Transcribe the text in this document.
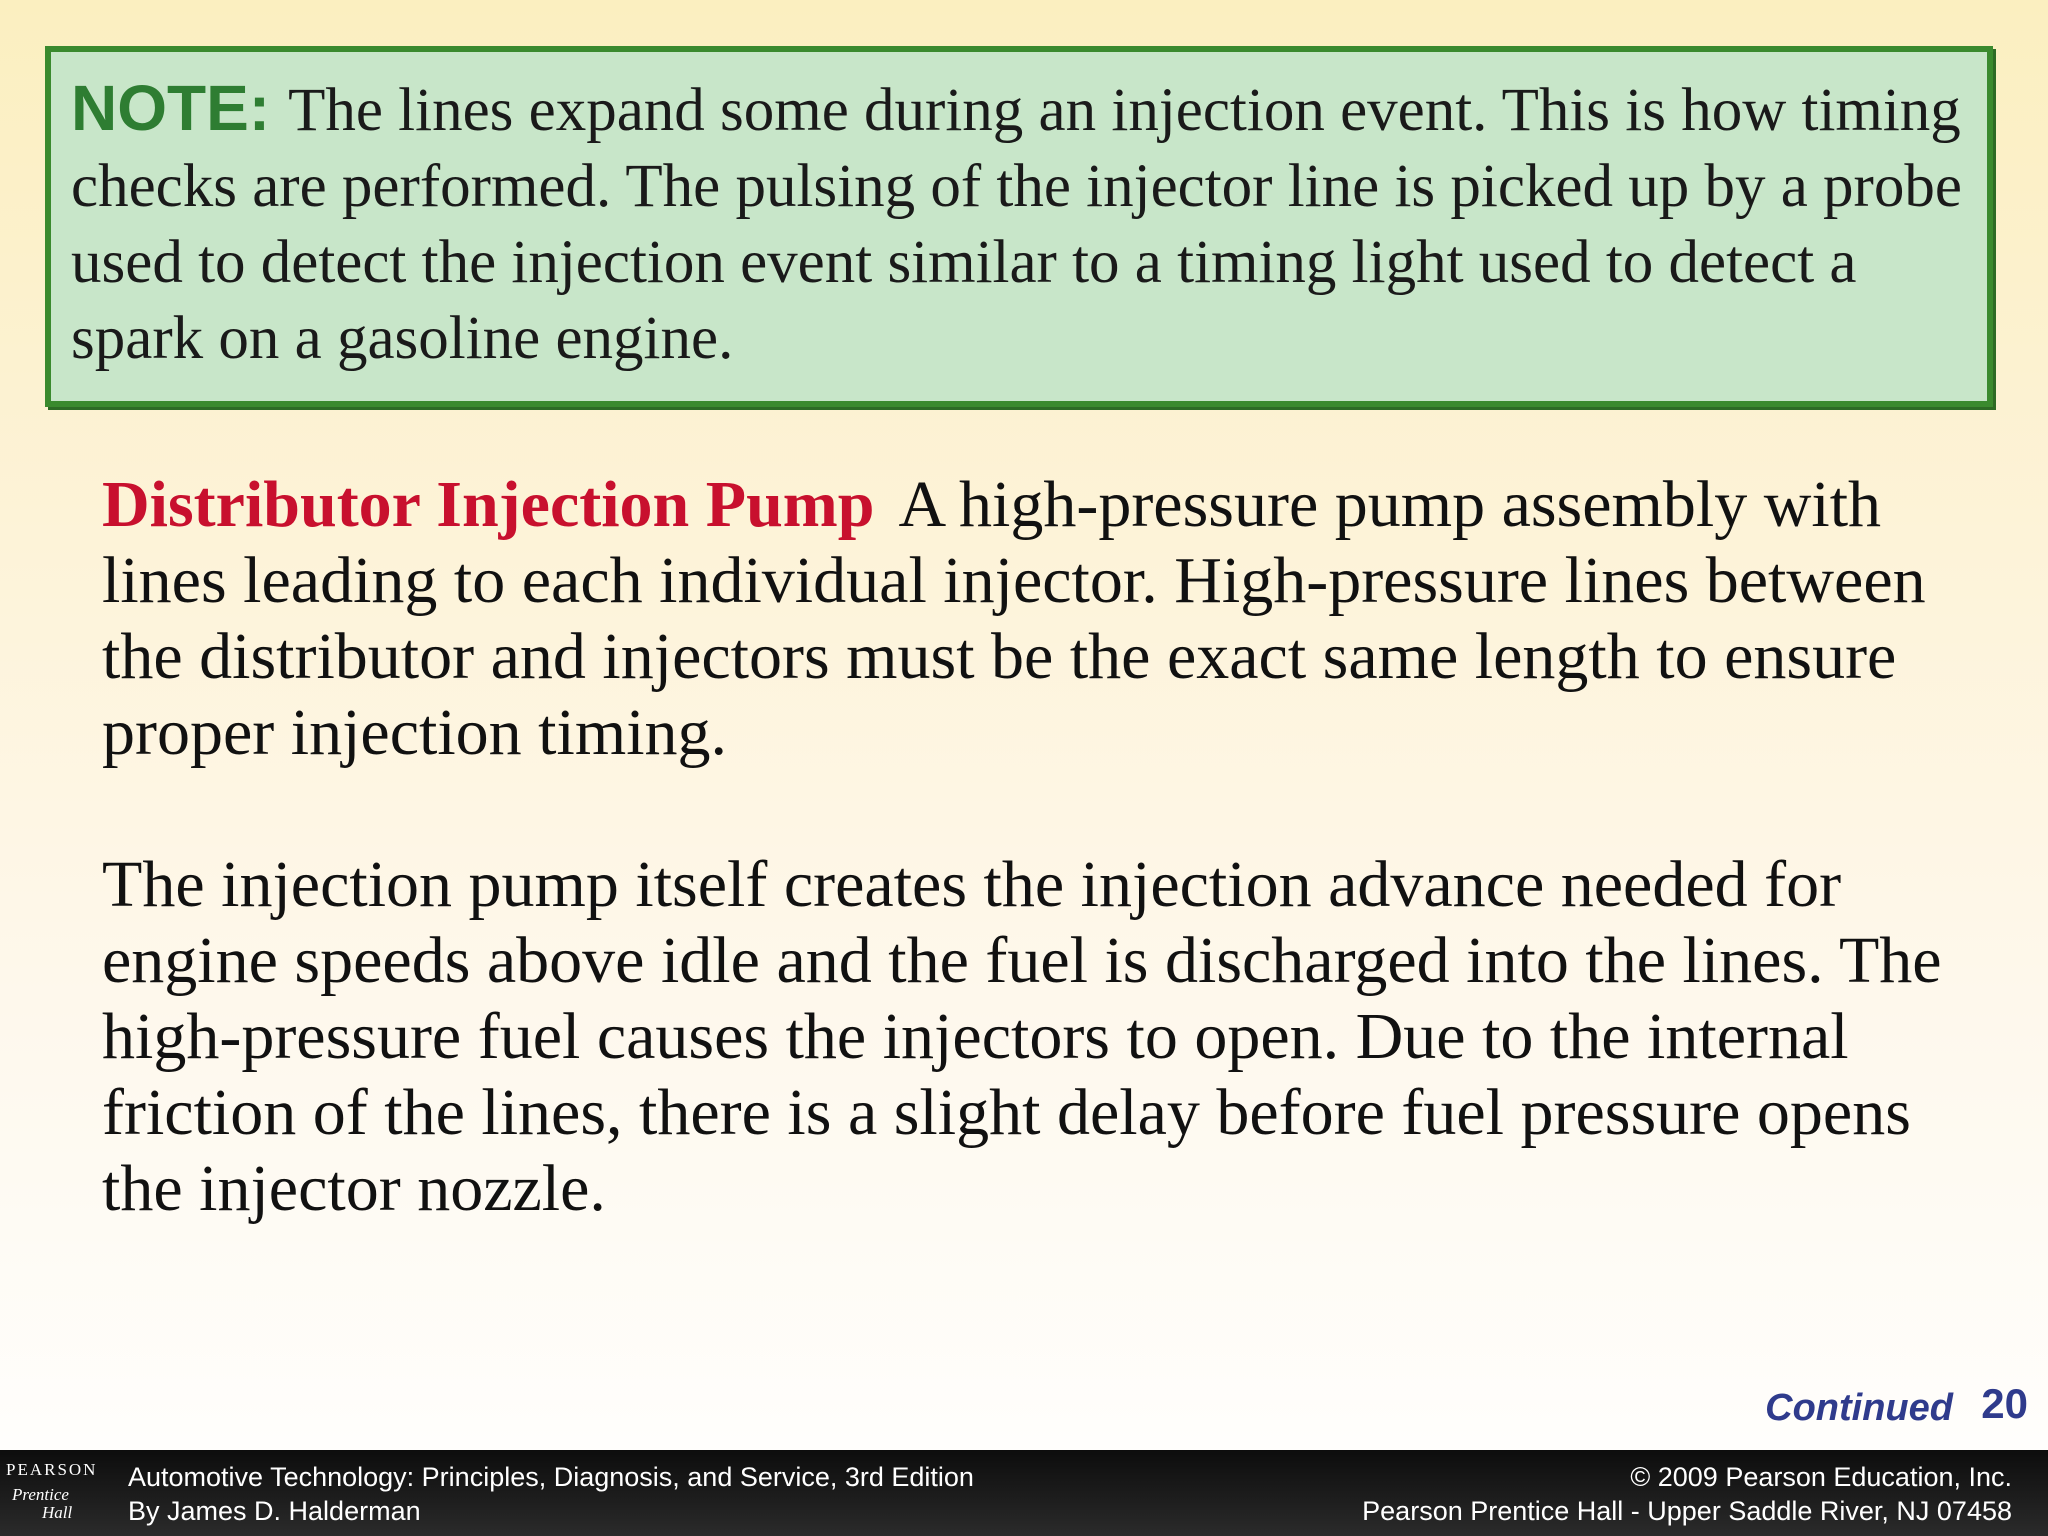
NOTE: The lines expand some during an injection event. This is how timing checks are performed. The pulsing of the injector line is picked up by a probe used to detect the injection event similar to a timing light used to detect a spark on a gasoline engine.
Distributor Injection Pump A high-pressure pump assembly with lines leading to each individual injector. High-pressure lines between the distributor and injectors must be the exact same length to ensure proper injection timing.
The injection pump itself creates the injection advance needed for engine speeds above idle and the fuel is discharged into the lines. The high-pressure fuel causes the injectors to open. Due to the internal friction of the lines, there is a slight delay before fuel pressure opens the injector nozzle.
Continued 20
PEARSON
Prentice
Hall
Automotive Technology: Principles, Diagnosis, and Service, 3rd Edition
By James D. Halderman
© 2009 Pearson Education, Inc.
Pearson Prentice Hall - Upper Saddle River, NJ 07458
